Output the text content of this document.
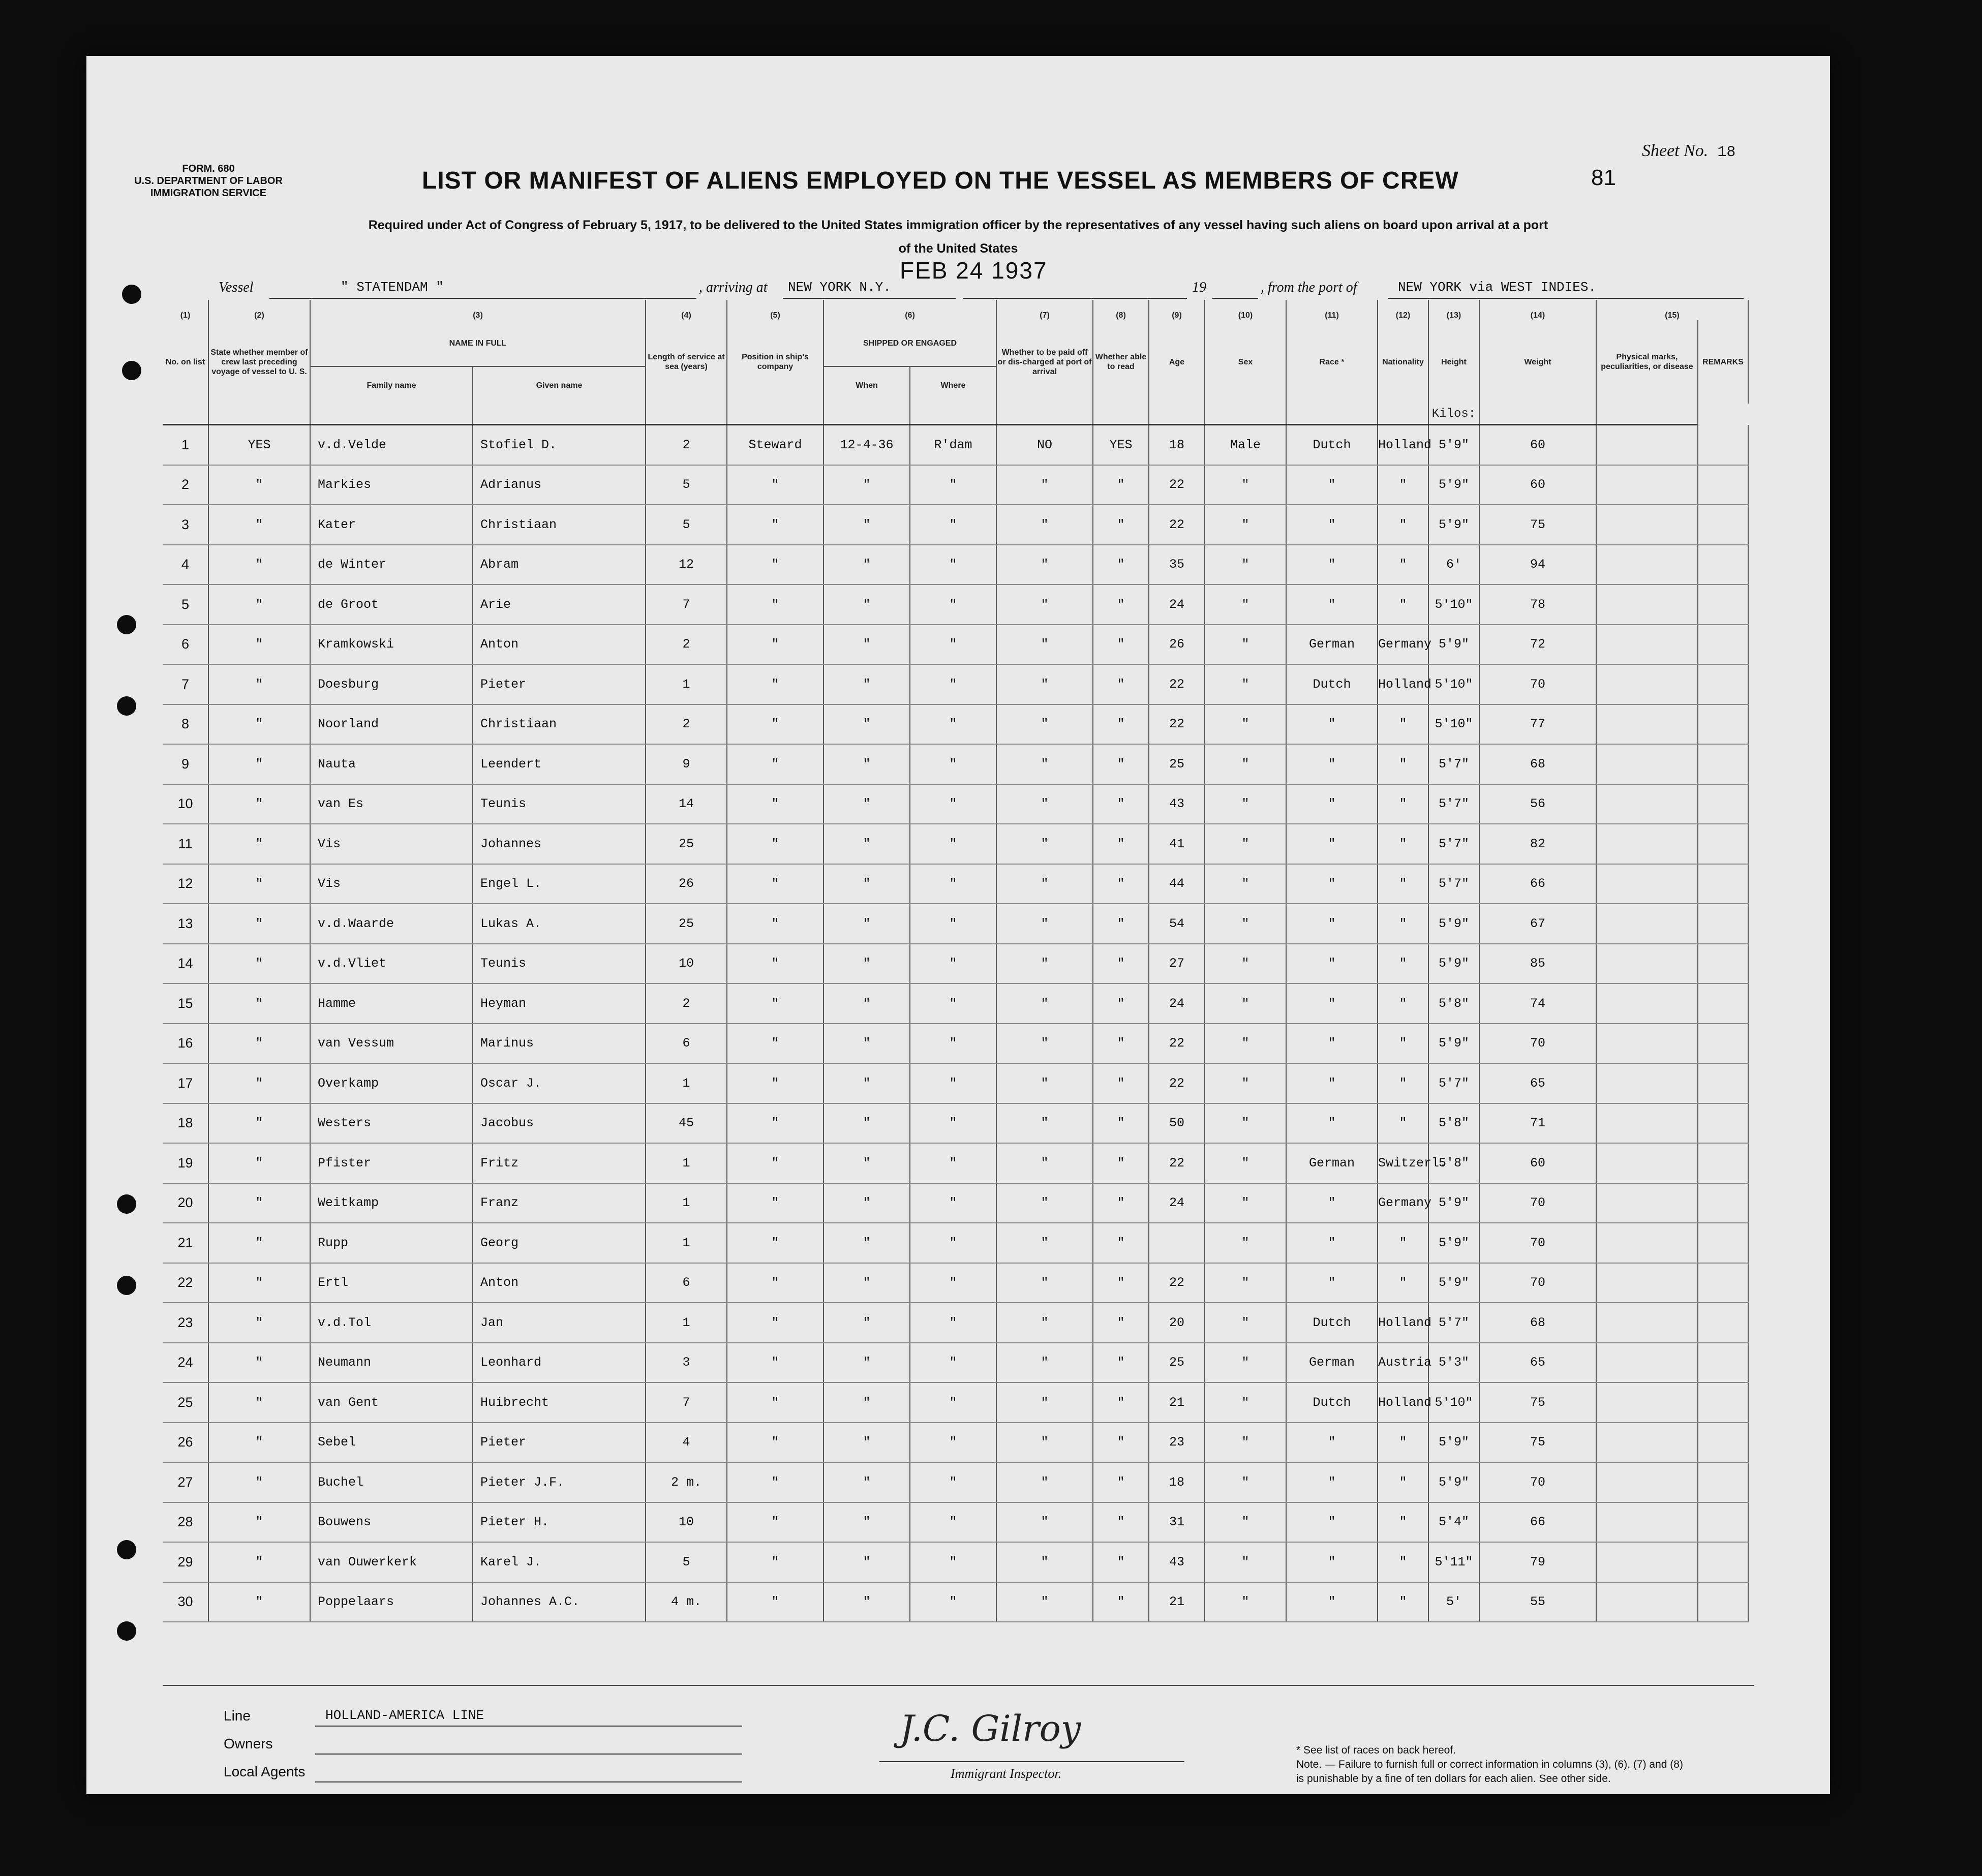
FORM. 680
U.S. DEPARTMENT OF LABOR
IMMIGRATION SERVICE
Sheet No. 18
81
LIST OR MANIFEST OF ALIENS EMPLOYED ON THE VESSEL AS MEMBERS OF CREW
Required under Act of Congress of February 5, 1917, to be delivered to the United States immigration officer by the representatives of any vessel having such aliens on board upon arrival at a port
of the United States
Vessel	" STATENDAM "	, arriving at NEW YORK N.Y.
FEB 24 1937
19	, from the port of	NEW YORK via WEST INDIES.
(1)	(2)	(3)		(4)	(5)	(6)		(7)	(8)	(9)	(10)	(11)	(12)	(13)	(14)	(15)	
No. on list	State whether member of crew last preceding voyage of vessel to U. S.	NAME IN FULL		Length of service at sea (years)	Position in ship's company	SHIPPED OR ENGAGED		Whether to be paid off or dis-charged at port of arrival	Whether able to read	Age	Sex	Race *	Nationality	Height	Weight	Physical marks, peculiarities, or disease	REMARKS
		Family name	Given name			When	Where										
														Kilos:			
1	YES	v.d.Velde	Stofiel D.	2	Steward	12-4-36	R'dam	NO	YES	18	Male	Dutch	Holland	5'9"	60		
2	"	Markies	Adrianus	5	"	"	"	"	"	22	"	"	"	5'9"	60		
3	"	Kater	Christiaan	5	"	"	"	"	"	22	"	"	"	5'9"	75		
4	"	de Winter	Abram	12	"	"	"	"	"	35	"	"	"	6'	94		
5	"	de Groot	Arie	7	"	"	"	"	"	24	"	"	"	5'10"	78		
6	"	Kramkowski	Anton	2	"	"	"	"	"	26	"	German	Germany	5'9"	72		
7	"	Doesburg	Pieter	1	"	"	"	"	"	22	"	Dutch	Holland	5'10"	70		
8	"	Noorland	Christiaan	2	"	"	"	"	"	22	"	"	"	5'10"	77		
9	"	Nauta	Leendert	9	"	"	"	"	"	25	"	"	"	5'7"	68		
10	"	van Es	Teunis	14	"	"	"	"	"	43	"	"	"	5'7"	56		
11	"	Vis	Johannes	25	"	"	"	"	"	41	"	"	"	5'7"	82		
12	"	Vis	Engel L.	26	"	"	"	"	"	44	"	"	"	5'7"	66		
13	"	v.d.Waarde	Lukas A.	25	"	"	"	"	"	54	"	"	"	5'9"	67		
14	"	v.d.Vliet	Teunis	10	"	"	"	"	"	27	"	"	"	5'9"	85		
15	"	Hamme	Heyman	2	"	"	"	"	"	24	"	"	"	5'8"	74		
16	"	van Vessum	Marinus	6	"	"	"	"	"	22	"	"	"	5'9"	70		
17	"	Overkamp	Oscar J.	1	"	"	"	"	"	22	"	"	"	5'7"	65		
18	"	Westers	Jacobus	45	"	"	"	"	"	50	"	"	"	5'8"	71		
19	"	Pfister	Fritz	1	"	"	"	"	"	22	"	German	Switzerl.	5'8"	60		
20	"	Weitkamp	Franz	1	"	"	"	"	"	24	"	"	Germany	5'9"	70		
21	"	Rupp	Georg	1	"	"	"	"	"		"	"	"	5'9"	70		
22	"	Ertl	Anton	6	"	"	"	"	"	22	"	"	"	5'9"	70		
23	"	v.d.Tol	Jan	1	"	"	"	"	"	20	"	Dutch	Holland	5'7"	68		
24	"	Neumann	Leonhard	3	"	"	"	"	"	25	"	German	Austria	5'3"	65		
25	"	van Gent	Huibrecht	7	"	"	"	"	"	21	"	Dutch	Holland	5'10"	75		
26	"	Sebel	Pieter	4	"	"	"	"	"	23	"	"	"	5'9"	75		
27	"	Buchel	Pieter J.F.	2 m.	"	"	"	"	"	18	"	"	"	5'9"	70		
28	"	Bouwens	Pieter H.	10	"	"	"	"	"	31	"	"	"	5'4"	66		
29	"	van Ouwerkerk	Karel J.	5	"	"	"	"	"	43	"	"	"	5'11"	79		
30	"	Poppelaars	Johannes A.C.	4 m.	"	"	"	"	"	21	"	"	"	5'	55		
Line	HOLLAND-AMERICA LINE
Owners
Local Agents
J.C. Gilroy
Immigrant Inspector.
* See list of races on back hereof.
Note. — Failure to furnish full or correct information in columns (3), (6), (7) and (8)
is punishable by a fine of ten dollars for each alien. See other side.
